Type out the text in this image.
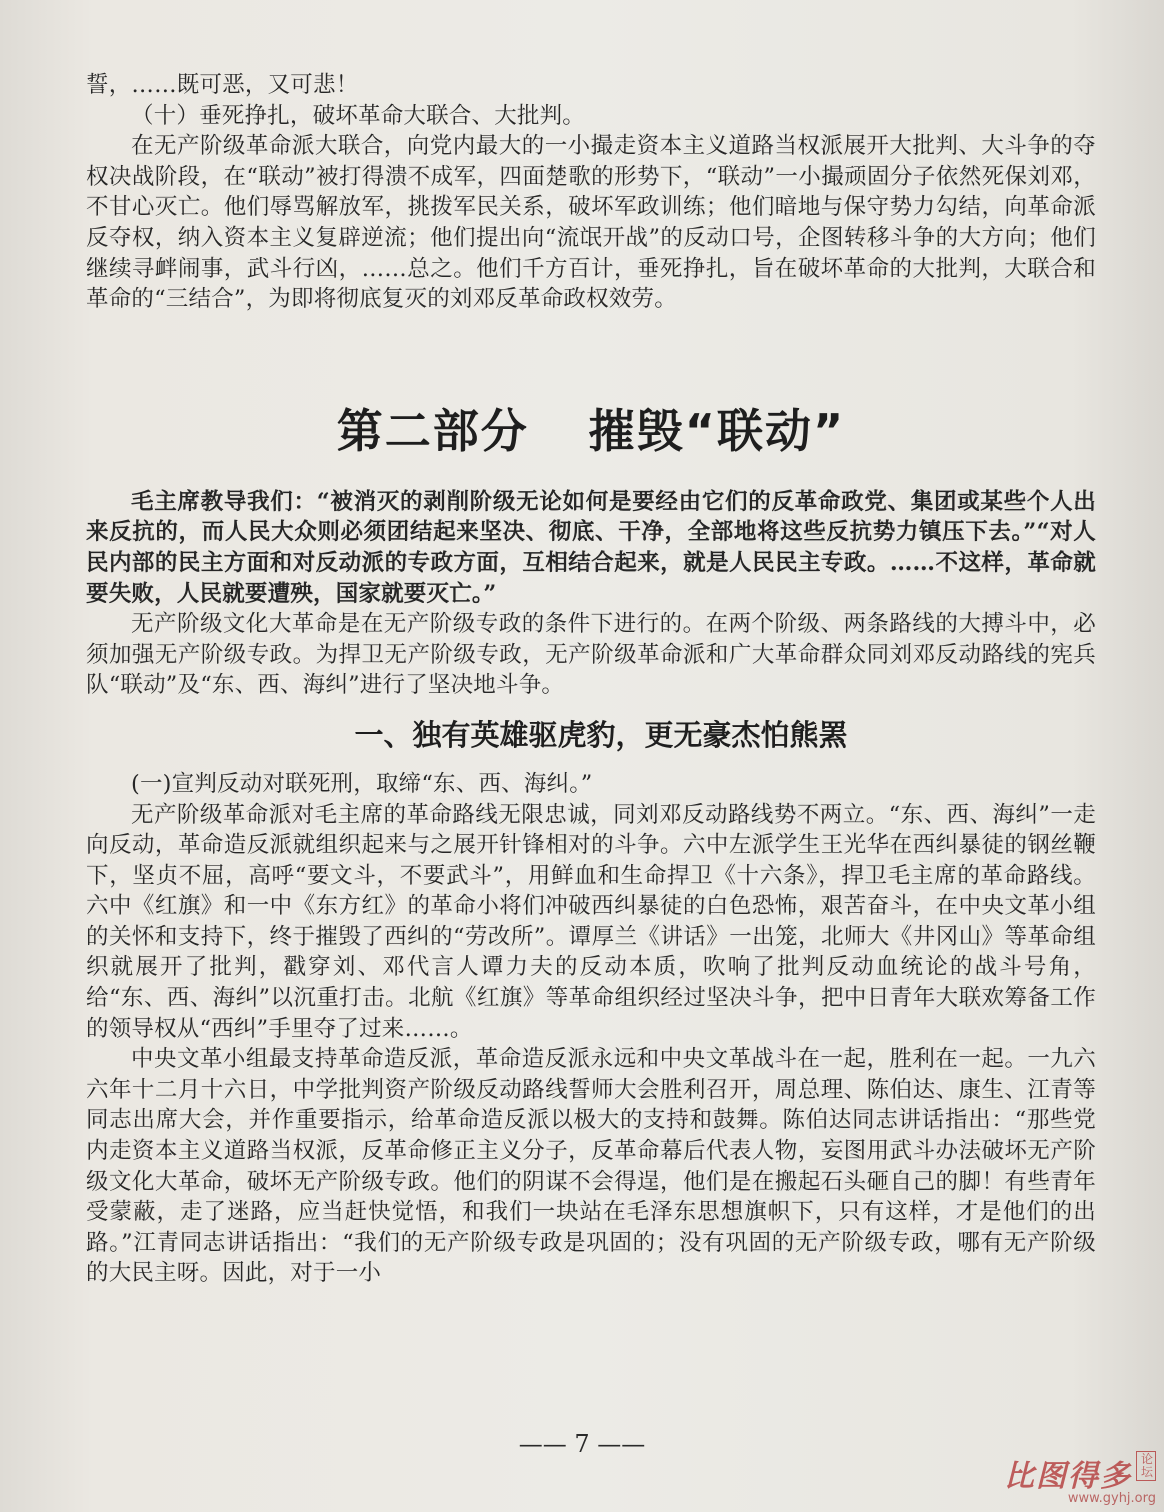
誓，……既可恶，又可悲！

（十）垂死挣扎，破坏革命大联合、大批判。

在无产阶级革命派大联合，向党内最大的一小撮走资本主义道路当权派展开大批判、大斗争的夺权决战阶段，在“联动”被打得溃不成军，四面楚歌的形势下，“联动”一小撮顽固分子依然死保刘邓，不甘心灭亡。他们辱骂解放军，挑拨军民关系，破坏军政训练；他们暗地与保守势力勾结，向革命派反夺权，纳入资本主义复辟逆流；他们提出向“流氓开战”的反动口号，企图转移斗争的大方向；他们继续寻衅闹事，武斗行凶，……总之。他们千方百计，垂死挣扎，旨在破坏革命的大批判，大联合和革命的“三结合”，为即将彻底复灭的刘邓反革命政权效劳。

第二部分 摧毁“联动”

毛主席教导我们：“被消灭的剥削阶级无论如何是要经由它们的反革命政党、集团或某些个人出来反抗的，而人民大众则必须团结起来坚决、彻底、干净，全部地将这些反抗势力镇压下去。”“对人民内部的民主方面和对反动派的专政方面，互相结合起来，就是人民民主专政。……不这样，革命就要失败，人民就要遭殃，国家就要灭亡。”

无产阶级文化大革命是在无产阶级专政的条件下进行的。在两个阶级、两条路线的大搏斗中，必须加强无产阶级专政。为捍卫无产阶级专政，无产阶级革命派和广大革命群众同刘邓反动路线的宪兵队“联动”及“东、西、海纠”进行了坚决地斗争。

一、独有英雄驱虎豹，更无豪杰怕熊罴

(一)宣判反动对联死刑，取缔“东、西、海纠。”

无产阶级革命派对毛主席的革命路线无限忠诚，同刘邓反动路线势不两立。“东、西、海纠”一走向反动，革命造反派就组织起来与之展开针锋相对的斗争。六中左派学生王光华在西纠暴徒的钢丝鞭下，坚贞不屈，高呼“要文斗，不要武斗”，用鲜血和生命捍卫《十六条》，捍卫毛主席的革命路线。六中《红旗》和一中《东方红》的革命小将们冲破西纠暴徒的白色恐怖，艰苦奋斗，在中央文革小组的关怀和支持下，终于摧毁了西纠的“劳改所”。谭厚兰《讲话》一出笼，北师大《井冈山》等革命组织就展开了批判，戳穿刘、邓代言人谭力夫的反动本质，吹响了批判反动血统论的战斗号角，给“东、西、海纠”以沉重打击。北航《红旗》等革命组织经过坚决斗争，把中日青年大联欢筹备工作的领导权从“西纠”手里夺了过来……。

中央文革小组最支持革命造反派，革命造反派永远和中央文革战斗在一起，胜利在一起。一九六六年十二月十六日，中学批判资产阶级反动路线誓师大会胜利召开，周总理、陈伯达、康生、江青等同志出席大会，并作重要指示，给革命造反派以极大的支持和鼓舞。陈伯达同志讲话指出：“那些党内走资本主义道路当权派，反革命修正主义分子，反革命幕后代表人物，妄图用武斗办法破坏无产阶级文化大革命，破坏无产阶级专政。他们的阴谋不会得逞，他们是在搬起石头砸自己的脚！有些青年受蒙蔽，走了迷路，应当赶快觉悟，和我们一块站在毛泽东思想旗帜下，只有这样，才是他们的出路。”江青同志讲话指出：“我们的无产阶级专政是巩固的；没有巩固的无产阶级专政，哪有无产阶级的大民主呀。因此，对于一小

—— 7 ——
比图得多 论坛
www.gyhj.org
